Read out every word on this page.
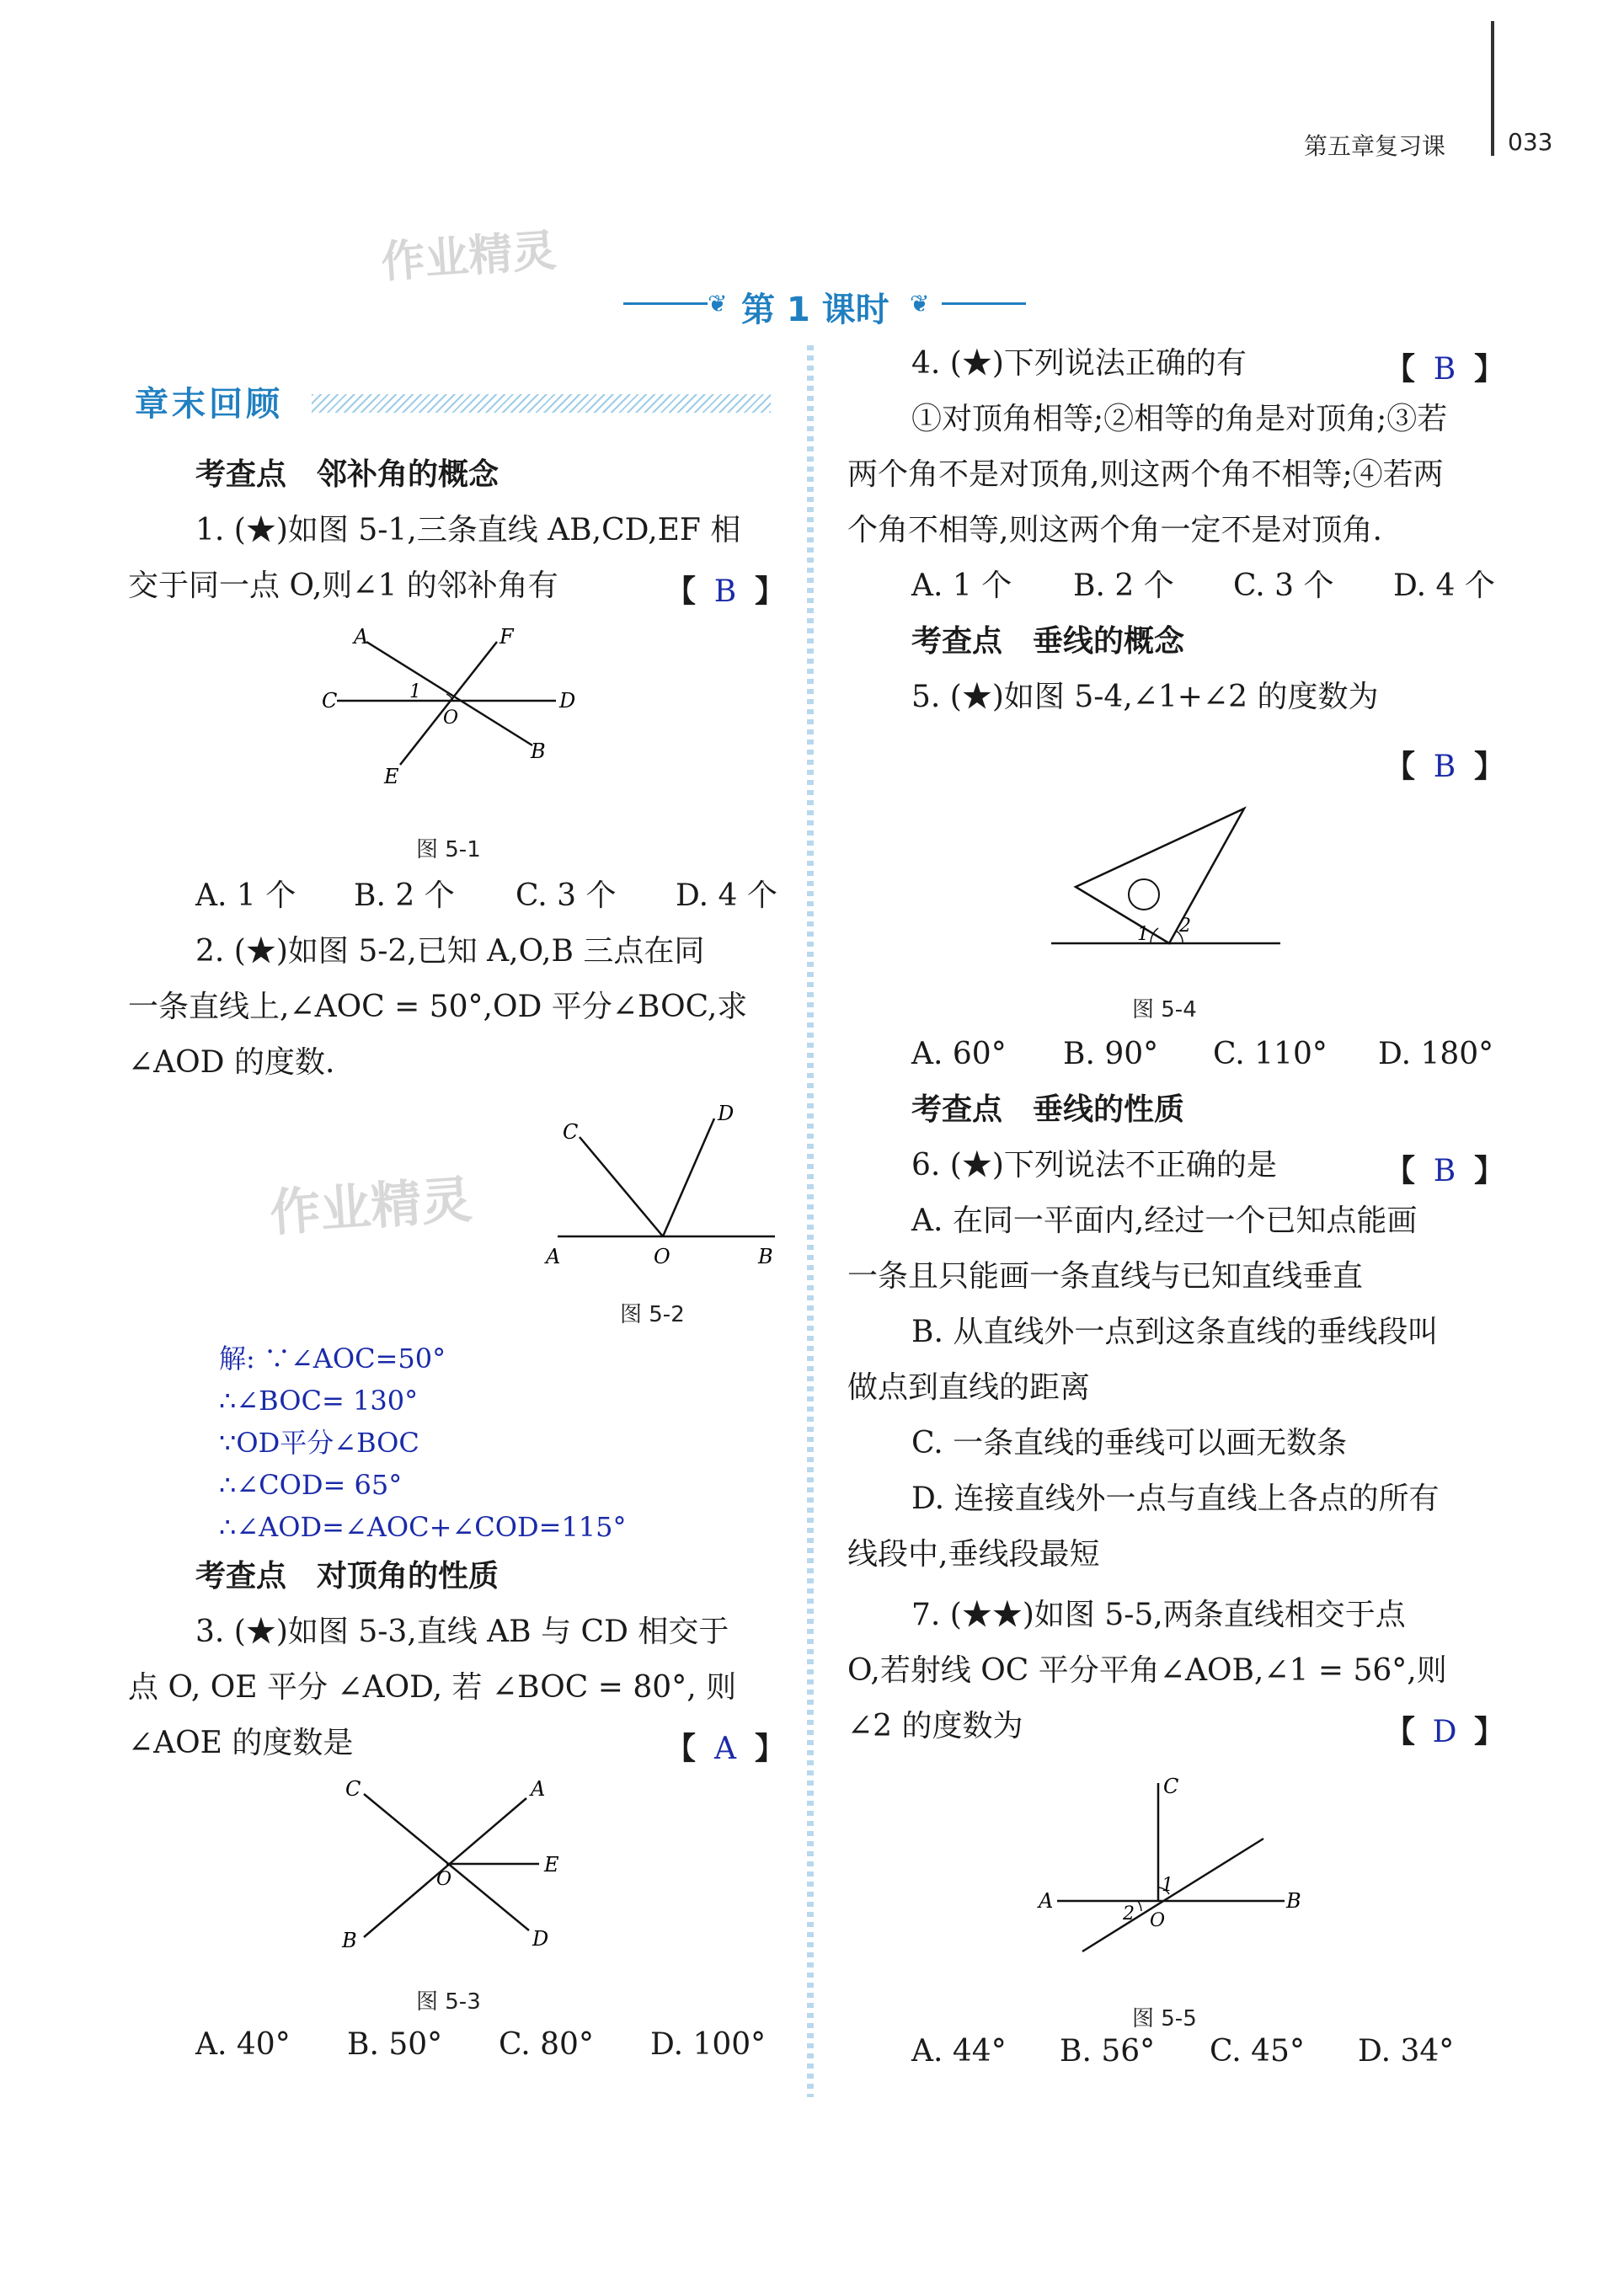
第五章复习课	033
作业精灵
作业精灵
❦ 第 1 课时 ❦
章末回顾
考查点　邻补角的概念
1. (★)如图 5-1,三条直线 AB,CD,EF 相
交于同一点 O,则∠1 的邻补角有	【 B 】
A	F
C	D
E
B
O
1
图 5-1
A. 1 个 B. 2 个 C. 3 个 D. 4 个
2. (★)如图 5-2,已知 A,O,B 三点在同
一条直线上,∠AOC = 50°,OD 平分∠BOC,求
∠AOD 的度数.
C
D
A	O	B
图 5-2
解: ∵∠AOC=50°
∴∠BOC= 130°
∵OD平分∠BOC
∴∠COD= 65°
∴∠AOD=∠AOC+∠COD=115°
考查点　对顶角的性质
3. (★)如图 5-3,直线 AB 与 CD 相交于
点 O, OE 平分 ∠AOD, 若 ∠BOC = 80°, 则
∠AOE 的度数是	【 A 】
C	A
E
O
B	D
图 5-3
A. 40° B. 50° C. 80° D. 100°
4. (★)下列说法正确的有	【 B 】
①对顶角相等;②相等的角是对顶角;③若
两个角不是对顶角,则这两个角不相等;④若两
个角不相等,则这两个角一定不是对顶角.
A. 1 个 B. 2 个 C. 3 个 D. 4 个
考查点　垂线的概念
5. (★)如图 5-4,∠1+∠2 的度数为
【 B 】
1 2
图 5-4
A. 60° B. 90° C. 110° D. 180°
考查点　垂线的性质
6. (★)下列说法不正确的是	【 B 】
A. 在同一平面内,经过一个已知点能画
一条且只能画一条直线与已知直线垂直
B. 从直线外一点到这条直线的垂线段叫
做点到直线的距离
C. 一条直线的垂线可以画无数条
D. 连接直线外一点与直线上各点的所有
线段中,垂线段最短
7. (★★)如图 5-5,两条直线相交于点
O,若射线 OC 平分平角∠AOB,∠1 = 56°,则
∠2 的度数为	【 D 】
C
A	B
O
1
2
图 5-5
A. 44° B. 56° C. 45° D. 34°
